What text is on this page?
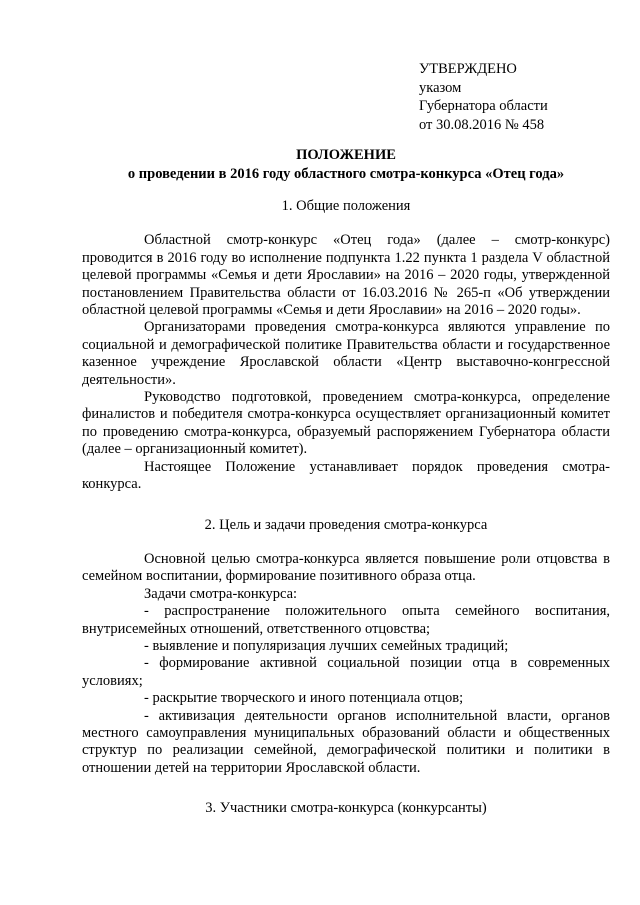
УТВЕРЖДЕНО
указом
Губернатора области
от 30.08.2016 № 458

ПОЛОЖЕНИЕ

о проведении в 2016 году областного смотра-конкурса «Отец года»

1. Общие положения

Областной смотр-конкурс «Отец года» (далее – смотр-конкурс) проводится в 2016 году во исполнение подпункта 1.22 пункта 1 раздела V областной целевой программы «Семья и дети Ярославии» на 2016 – 2020 годы, утвержденной постановлением Правительства области от 16.03.2016 № 265-п «Об утверждении областной целевой программы «Семья и дети Ярославии» на 2016 – 2020 годы».

Организаторами проведения смотра-конкурса являются управление по социальной и демографической политике Правительства области и государственное казенное учреждение Ярославской области «Центр выставочно-конгрессной деятельности».

Руководство подготовкой, проведением смотра-конкурса, определение финалистов и победителя смотра-конкурса осуществляет организационный комитет по проведению смотра-конкурса, образуемый распоряжением Губернатора области (далее – организационный комитет).

Настоящее Положение устанавливает порядок проведения смотра-конкурса.

2. Цель и задачи проведения смотра-конкурса

Основной целью смотра-конкурса является повышение роли отцовства в семейном воспитании, формирование позитивного образа отца.

Задачи смотра-конкурса:

- распространение положительного опыта семейного воспитания, внутрисемейных отношений, ответственного отцовства;

- выявление и популяризация лучших семейных традиций;

- формирование активной социальной позиции отца в современных условиях;

- раскрытие творческого и иного потенциала отцов;

- активизация деятельности органов исполнительной власти, органов местного самоуправления муниципальных образований области и общественных структур по реализации семейной, демографической политики и политики в отношении детей на территории Ярославской области.

3. Участники смотра-конкурса (конкурсанты)
